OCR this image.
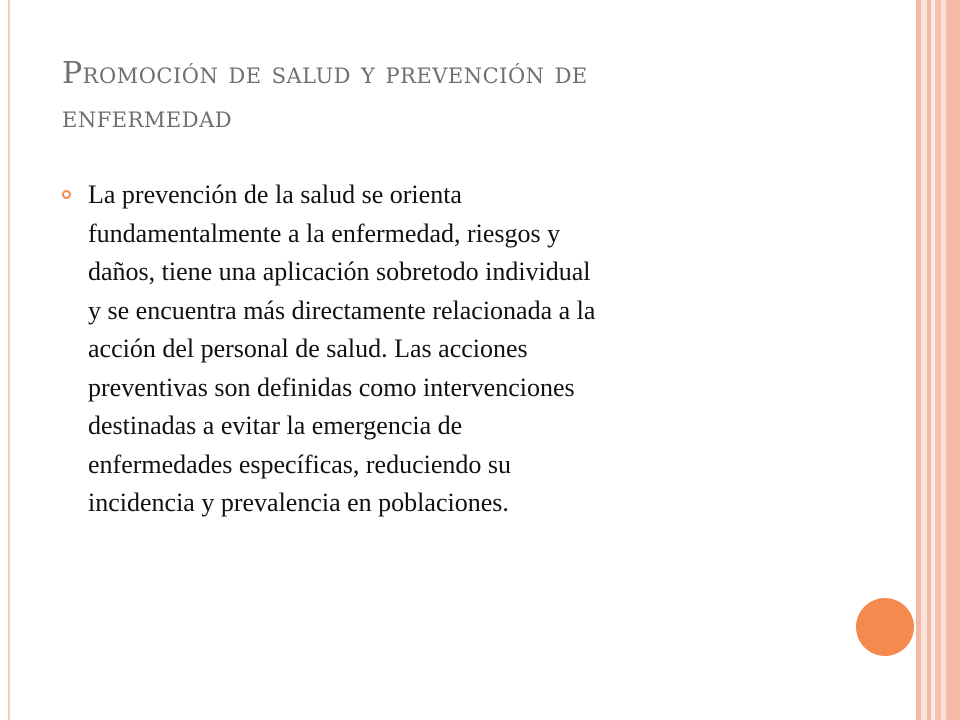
Promoción de salud y prevención de
enfermedad
La prevención de la salud se orienta
fundamentalmente a la enfermedad, riesgos y
daños, tiene una aplicación sobretodo individual
y se encuentra más directamente relacionada a la
acción del personal de salud. Las acciones
preventivas son definidas como intervenciones
destinadas a evitar la emergencia de
enfermedades específicas, reduciendo su
incidencia y prevalencia en poblaciones.
